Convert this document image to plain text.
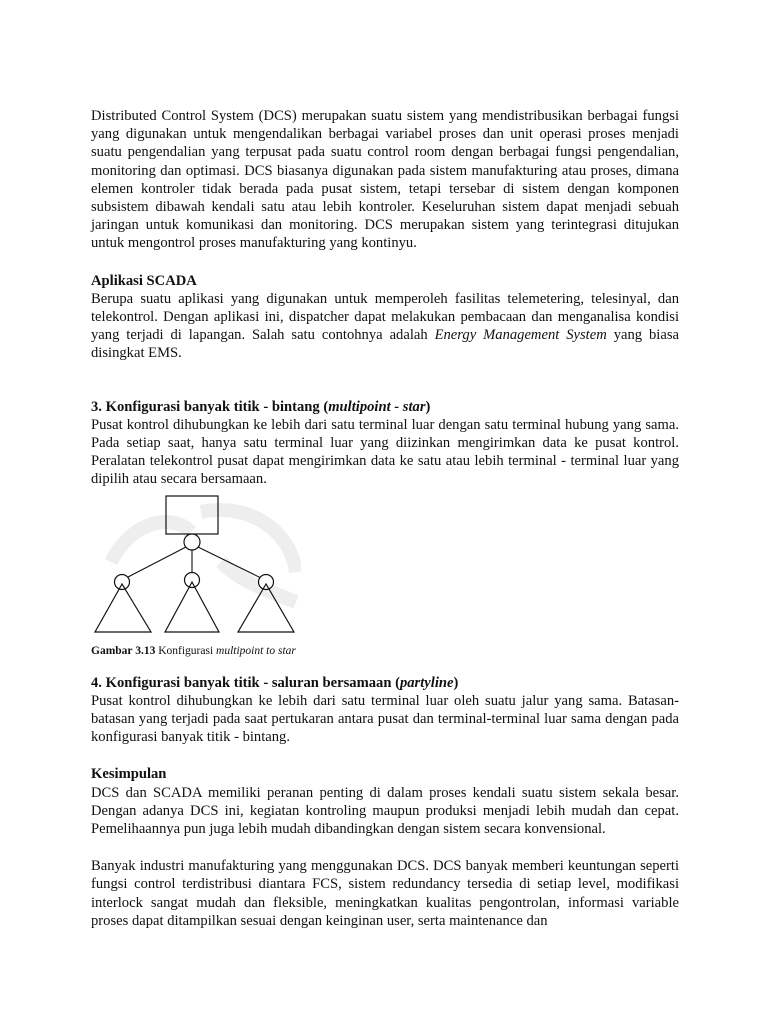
Distributed Control System (DCS) merupakan suatu sistem yang mendistribusikan berbagai fungsi yang digunakan untuk mengendalikan berbagai variabel proses dan unit operasi proses menjadi suatu pengendalian yang terpusat pada suatu control room dengan berbagai fungsi pengendalian, monitoring dan optimasi. DCS biasanya digunakan pada sistem manufakturing atau proses, dimana elemen kontroler tidak berada pada pusat sistem, tetapi tersebar di sistem dengan komponen subsistem dibawah kendali satu atau lebih kontroler. Keseluruhan sistem dapat menjadi sebuah jaringan untuk komunikasi dan monitoring. DCS merupakan sistem yang terintegrasi ditujukan untuk mengontrol proses manufakturing yang kontinyu.

Aplikasi SCADA

Berupa suatu aplikasi yang digunakan untuk memperoleh fasilitas telemetering, telesinyal, dan telekontrol. Dengan aplikasi ini, dispatcher dapat melakukan pembacaan dan menganalisa kondisi yang terjadi di lapangan. Salah satu contohnya adalah Energy Management System yang biasa disingkat EMS.

3. Konfigurasi banyak titik - bintang (multipoint - star)

Pusat kontrol dihubungkan ke lebih dari satu terminal luar dengan satu terminal hubung yang sama. Pada setiap saat, hanya satu terminal luar yang diizinkan mengirimkan data ke pusat kontrol. Peralatan telekontrol pusat dapat mengirimkan data ke satu atau lebih terminal - terminal luar yang dipilih atau secara bersamaan.

Gambar 3.13 Konfigurasi multipoint to star
4. Konfigurasi banyak titik - saluran bersamaan (partyline)

Pusat kontrol dihubungkan ke lebih dari satu terminal luar oleh suatu jalur yang sama. Batasan-batasan yang terjadi pada saat pertukaran antara pusat dan terminal-terminal luar sama dengan pada konfigurasi banyak titik - bintang.

Kesimpulan

DCS dan SCADA memiliki peranan penting di dalam proses kendali suatu sistem sekala besar. Dengan adanya DCS ini, kegiatan kontroling maupun produksi menjadi lebih mudah dan cepat. Pemelihaannya pun juga lebih mudah dibandingkan dengan sistem secara konvensional.

Banyak industri manufakturing yang menggunakan DCS. DCS banyak memberi keuntungan seperti fungsi control terdistribusi diantara FCS, sistem redundancy tersedia di setiap level, modifikasi interlock sangat mudah dan fleksible, meningkatkan kualitas pengontrolan, informasi variable proses dapat ditampilkan sesuai dengan keinginan user, serta maintenance dan
